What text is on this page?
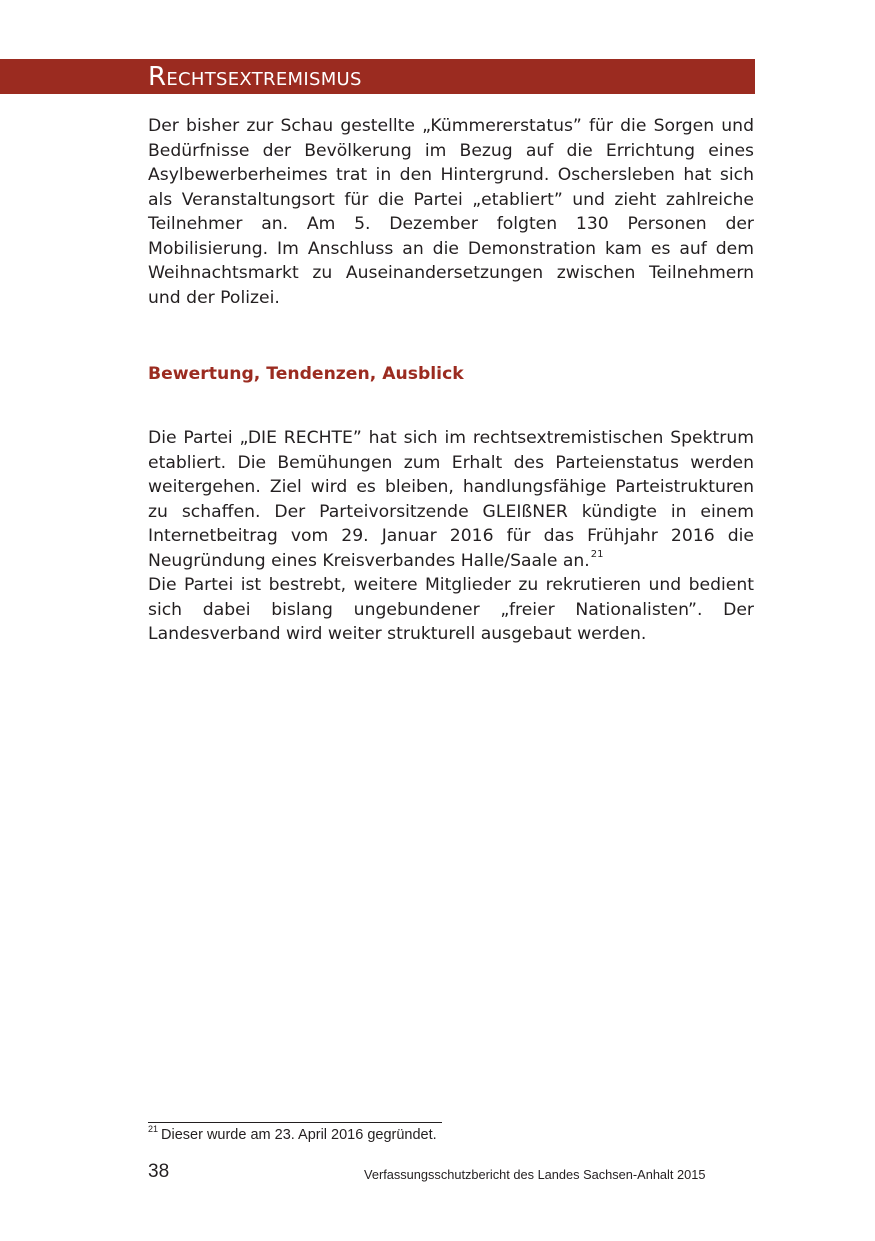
Rechtsextremismus

Der bisher zur Schau gestellte „Kümmererstatus” für die Sorgen und Bedürfnisse der Bevölkerung im Bezug auf die Errichtung eines Asylbewerberheimes trat in den Hintergrund. Oschersleben hat sich als Veranstaltungsort für die Partei „etabliert” und zieht zahlreiche Teilnehmer an. Am 5. Dezember folgten 130 Personen der Mobilisierung. Im Anschluss an die Demonstration kam es auf dem Weihnachtsmarkt zu Auseinandersetzungen zwischen Teilnehmern und der Polizei.

Bewertung, Tendenzen, Ausblick

Die Partei „DIE RECHTE” hat sich im rechtsextremistischen Spektrum etabliert. Die Bemühungen zum Erhalt des Parteienstatus werden weitergehen. Ziel wird es bleiben, handlungsfähige Parteistrukturen zu schaffen. Der Parteivorsitzende GLEIßNER kündigte in einem Internetbeitrag vom 29. Januar 2016 für das Frühjahr 2016 die Neugründung eines Kreisverbandes Halle/Saale an.$^{21}$

Die Partei ist bestrebt, weitere Mitglieder zu rekrutieren und bedient sich dabei bislang ungebundener „freier Nationalisten”. Der Landesverband wird weiter strukturell ausgebaut werden.

$^{21}$ Dieser wurde am 23. April 2016 gegründet.

38	Verfassungsschutzbericht des Landes Sachsen-Anhalt 2015
